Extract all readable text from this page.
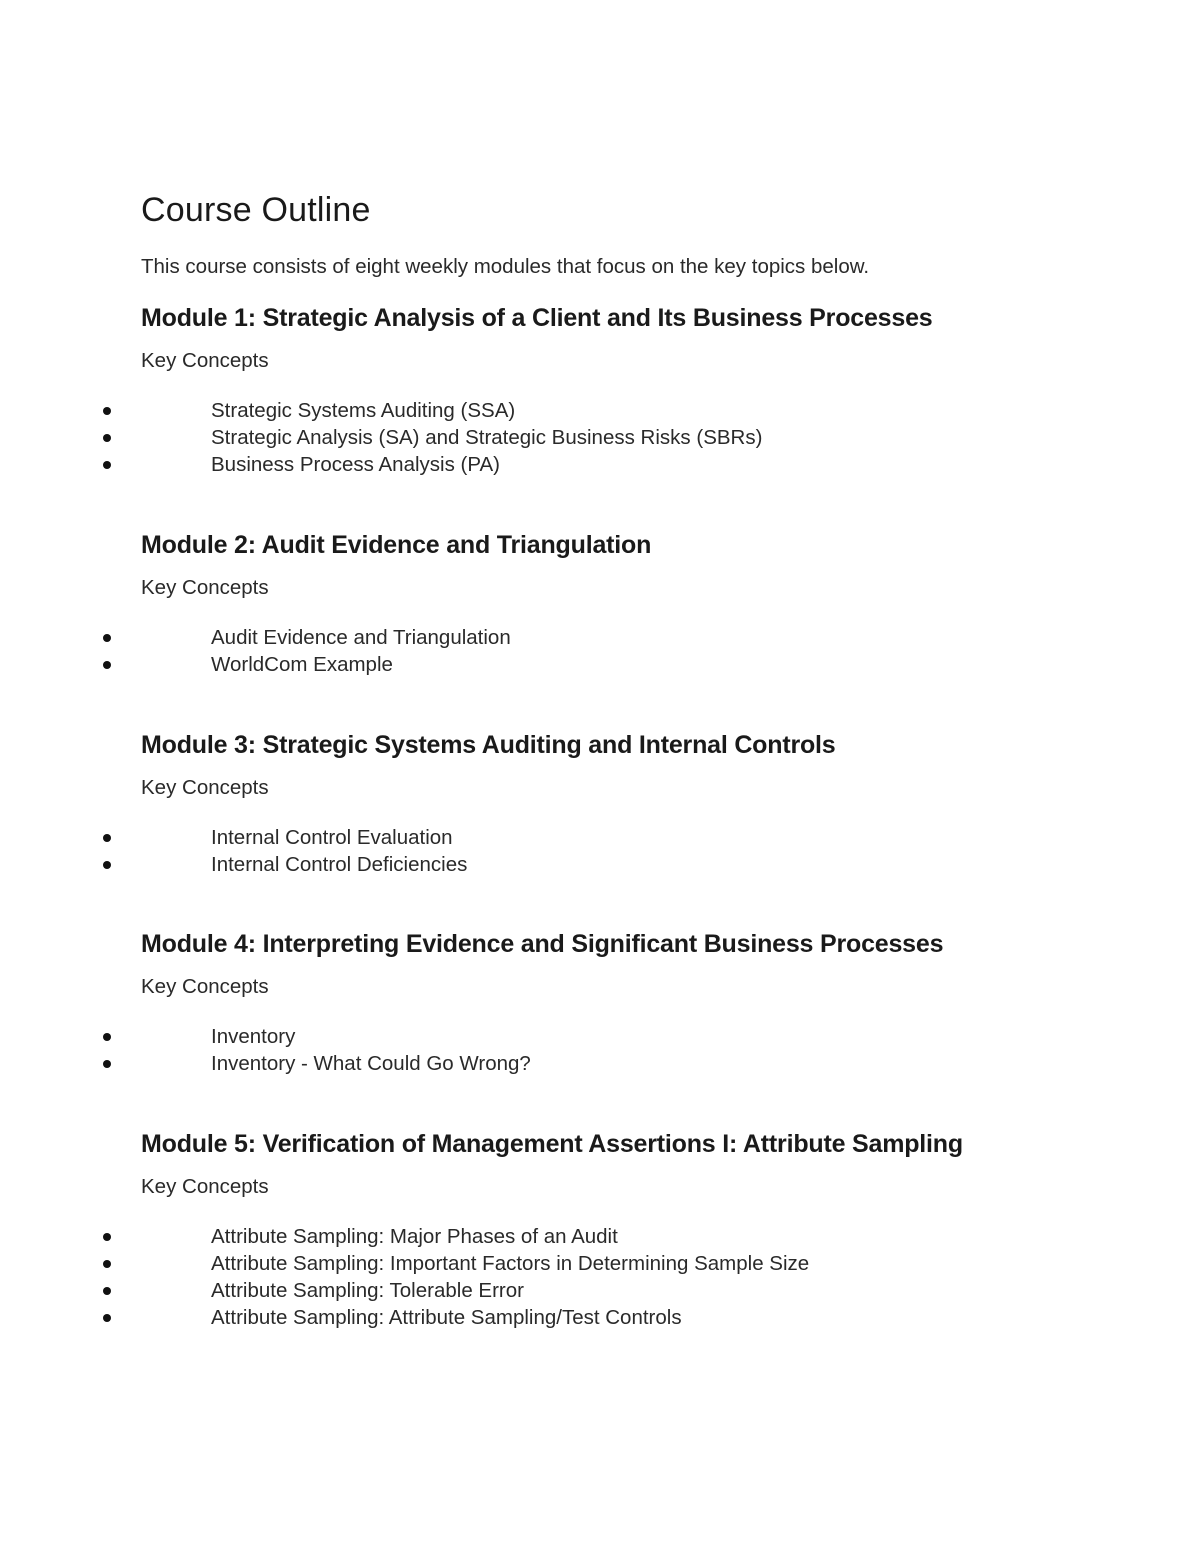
Course Outline

This course consists of eight weekly modules that focus on the key topics below.

Module 1: Strategic Analysis of a Client and Its Business Processes

Key Concepts

Strategic Systems Auditing (SSA)
Strategic Analysis (SA) and Strategic Business Risks (SBRs)
Business Process Analysis (PA)
Module 2: Audit Evidence and Triangulation

Key Concepts

Audit Evidence and Triangulation
WorldCom Example
Module 3: Strategic Systems Auditing and Internal Controls

Key Concepts

Internal Control Evaluation
Internal Control Deficiencies
Module 4: Interpreting Evidence and Significant Business Processes

Key Concepts

Inventory
Inventory - What Could Go Wrong?
Module 5: Verification of Management Assertions I: Attribute Sampling

Key Concepts

Attribute Sampling: Major Phases of an Audit
Attribute Sampling: Important Factors in Determining Sample Size
Attribute Sampling: Tolerable Error
Attribute Sampling: Attribute Sampling/Test Controls
